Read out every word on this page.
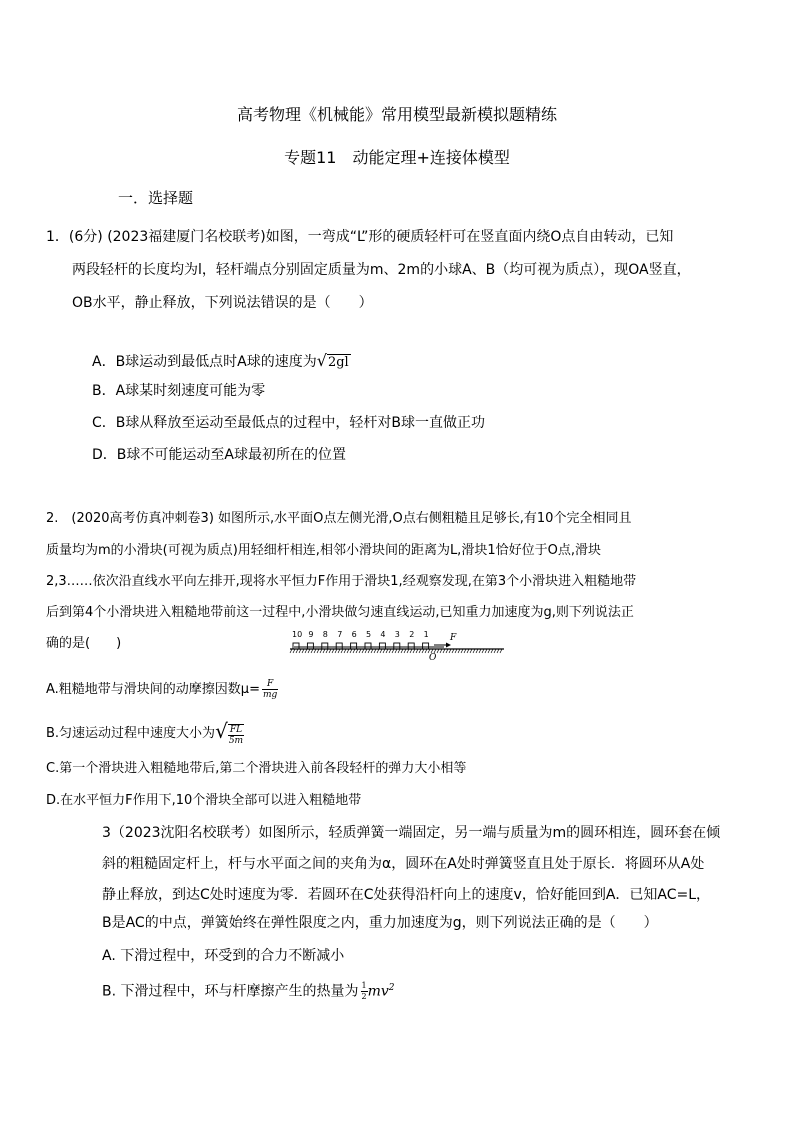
高考物理《机械能》常用模型最新模拟题精练
专题11　动能定理+连接体模型
一．选择题
1．(6分) (2023福建厦门名校联考)如图，一弯成“L”形的硬质轻杆可在竖直面内绕O点自由转动，已知
两段轻杆的长度均为l，轻杆端点分别固定质量为m、2m的小球A、B（均可视为质点），现OA竖直，
OB水平，静止释放，下列说法错误的是（　　）
A．B球运动到最低点时A球的速度为√2gl
B．A球某时刻速度可能为零
C．B球从释放至运动至最低点的过程中，轻杆对B球一直做正功
D．B球不可能运动至A球最初所在的位置
2.　(2020高考仿真冲刺卷3) 如图所示,水平面O点左侧光滑,O点右侧粗糙且足够长,有10个完全相同且
质量均为m的小滑块(可视为质点)用轻细杆相连,相邻小滑块间的距离为L,滑块1恰好位于O点,滑块
2,3……依次沿直线水平向左排开,现将水平恒力F作用于滑块1,经观察发现,在第3个小滑块进入粗糙地带
后到第4个小滑块进入粗糙地带前这一过程中,小滑块做匀速直线运动,已知重力加速度为g,则下列说法正
确的是(　　)
10 9 8 7 6 5 4 3 2 1 F
O
A.粗糙地带与滑块间的动摩擦因数$\mu= \frac{F}{mg}$
B.匀速运动过程中速度大小为√ $\frac{FL}{5m}$
C.第一个滑块进入粗糙地带后,第二个滑块进入前各段轻杆的弹力大小相等
D.在水平恒力F作用下,10个滑块全部可以进入粗糙地带
3（2023沈阳名校联考）如图所示，轻质弹簧一端固定，另一端与质量为m的圆环相连，圆环套在倾
斜的粗糙固定杆上，杆与水平面之间的夹角为α，圆环在A处时弹簧竖直且处于原长．将圆环从A处
静止释放，到达C处时速度为零．若圆环在C处获得沿杆向上的速度v，恰好能回到A．已知AC=L，
B是AC的中点，弹簧始终在弹性限度之内，重力加速度为g，则下列说法正确的是（　　）
A. 下滑过程中，环受到的合力不断减小
B. 下滑过程中，环与杆摩擦产生的热量为 $\frac{1}{2} mv^2$
